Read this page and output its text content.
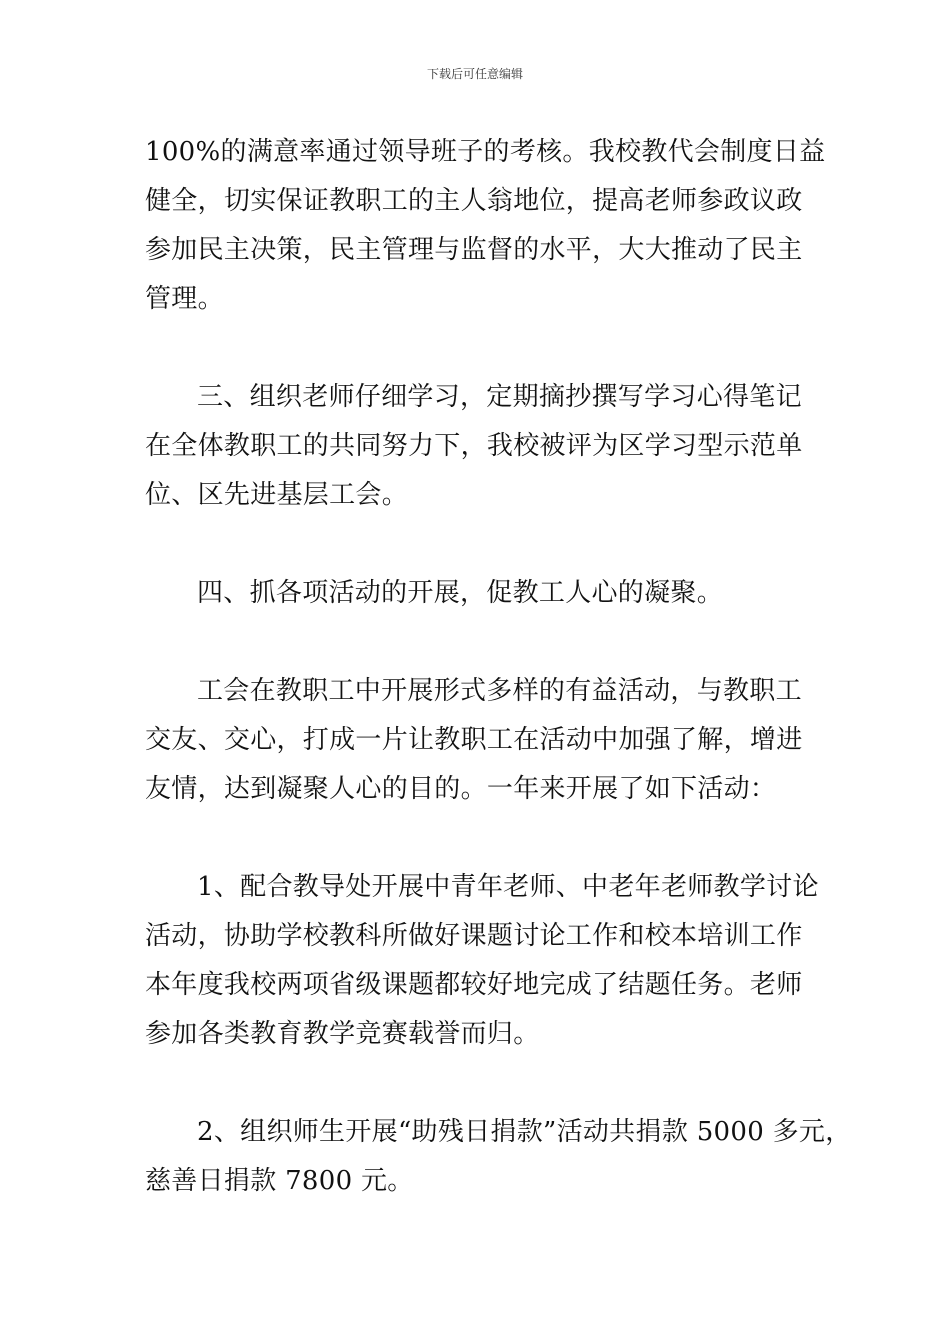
下载后可任意编辑
100%的满意率通过领导班子的考核。我校教代会制度日益
健全，切实保证教职工的主人翁地位，提高老师参政议政
参加民主决策，民主管理与监督的水平，大大推动了民主
管理。
三、组织老师仔细学习，定期摘抄撰写学习心得笔记
在全体教职工的共同努力下，我校被评为区学习型示范单
位、区先进基层工会。
四、抓各项活动的开展，促教工人心的凝聚。
工会在教职工中开展形式多样的有益活动，与教职工
交友、交心，打成一片让教职工在活动中加强了解，增进
友情，达到凝聚人心的目的。一年来开展了如下活动：
1、配合教导处开展中青年老师、中老年老师教学讨论
活动，协助学校教科所做好课题讨论工作和校本培训工作
本年度我校两项省级课题都较好地完成了结题任务。老师
参加各类教育教学竞赛载誉而归。
2、组织师生开展“助残日捐款”活动共捐款 5000 多元，
慈善日捐款 7800 元。
